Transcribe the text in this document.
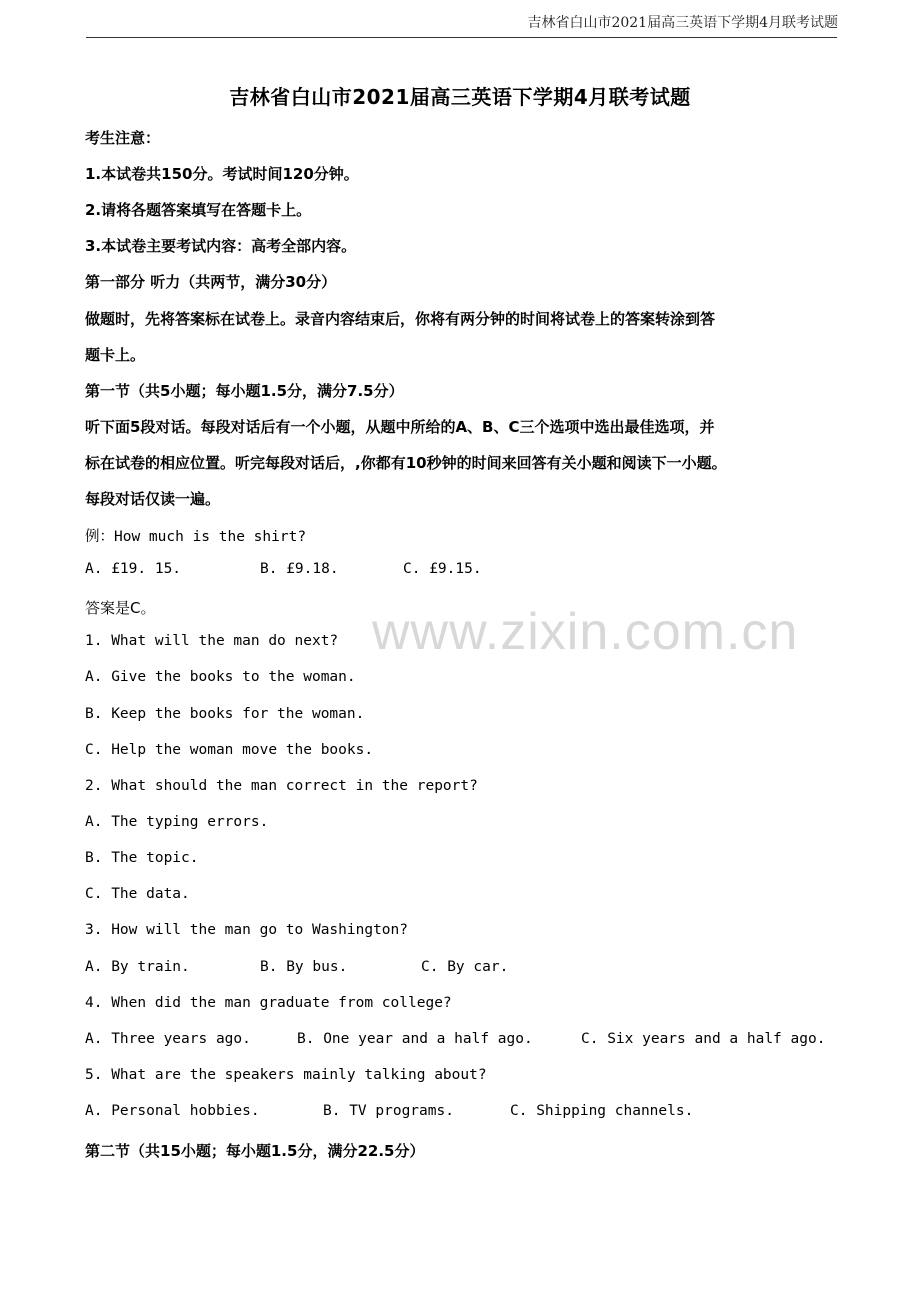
吉林省白山市2021届高三英语下学期4月联考试题
www.zixin.com.cn
吉林省白山市2021届高三英语下学期4月联考试题
考生注意：
1.本试卷共150分。考试时间120分钟。
2.请将各题答案填写在答题卡上。
3.本试卷主要考试内容：高考全部内容。
第一部分 听力（共两节，满分30分）
做题时，先将答案标在试卷上。录音内容结束后，你将有两分钟的时间将试卷上的答案转涂到答
题卡上。
第一节（共5小题；每小题1.5分，满分7.5分）
听下面5段对话。每段对话后有一个小题，从题中所给的A、B、C三个选项中选出最佳选项，并
标在试卷的相应位置。听完每段对话后，,你都有10秒钟的时间来回答有关小题和阅读下一小题。
每段对话仅读一遍。
例：How much is the shirt?
A. £19. 15.	B. £9.18.	C. £9.15.
答案是C。
1. What will the man do next?
A. Give the books to the woman.
B. Keep the books for the woman.
C. Help the woman move the books.
2. What should the man correct in the report?
A. The typing errors.
B. The topic.
C. The data.
3. How will the man go to Washington?
A. By train.	B. By bus.	C. By car.
4. When did the man graduate from college?
A. Three years ago.	B. One year and a half ago.	C. Six years and a half ago.
5. What are the speakers mainly talking about?
A. Personal hobbies.	B. TV programs.	C. Shipping channels.
第二节（共15小题；每小题1.5分，满分22.5分）
